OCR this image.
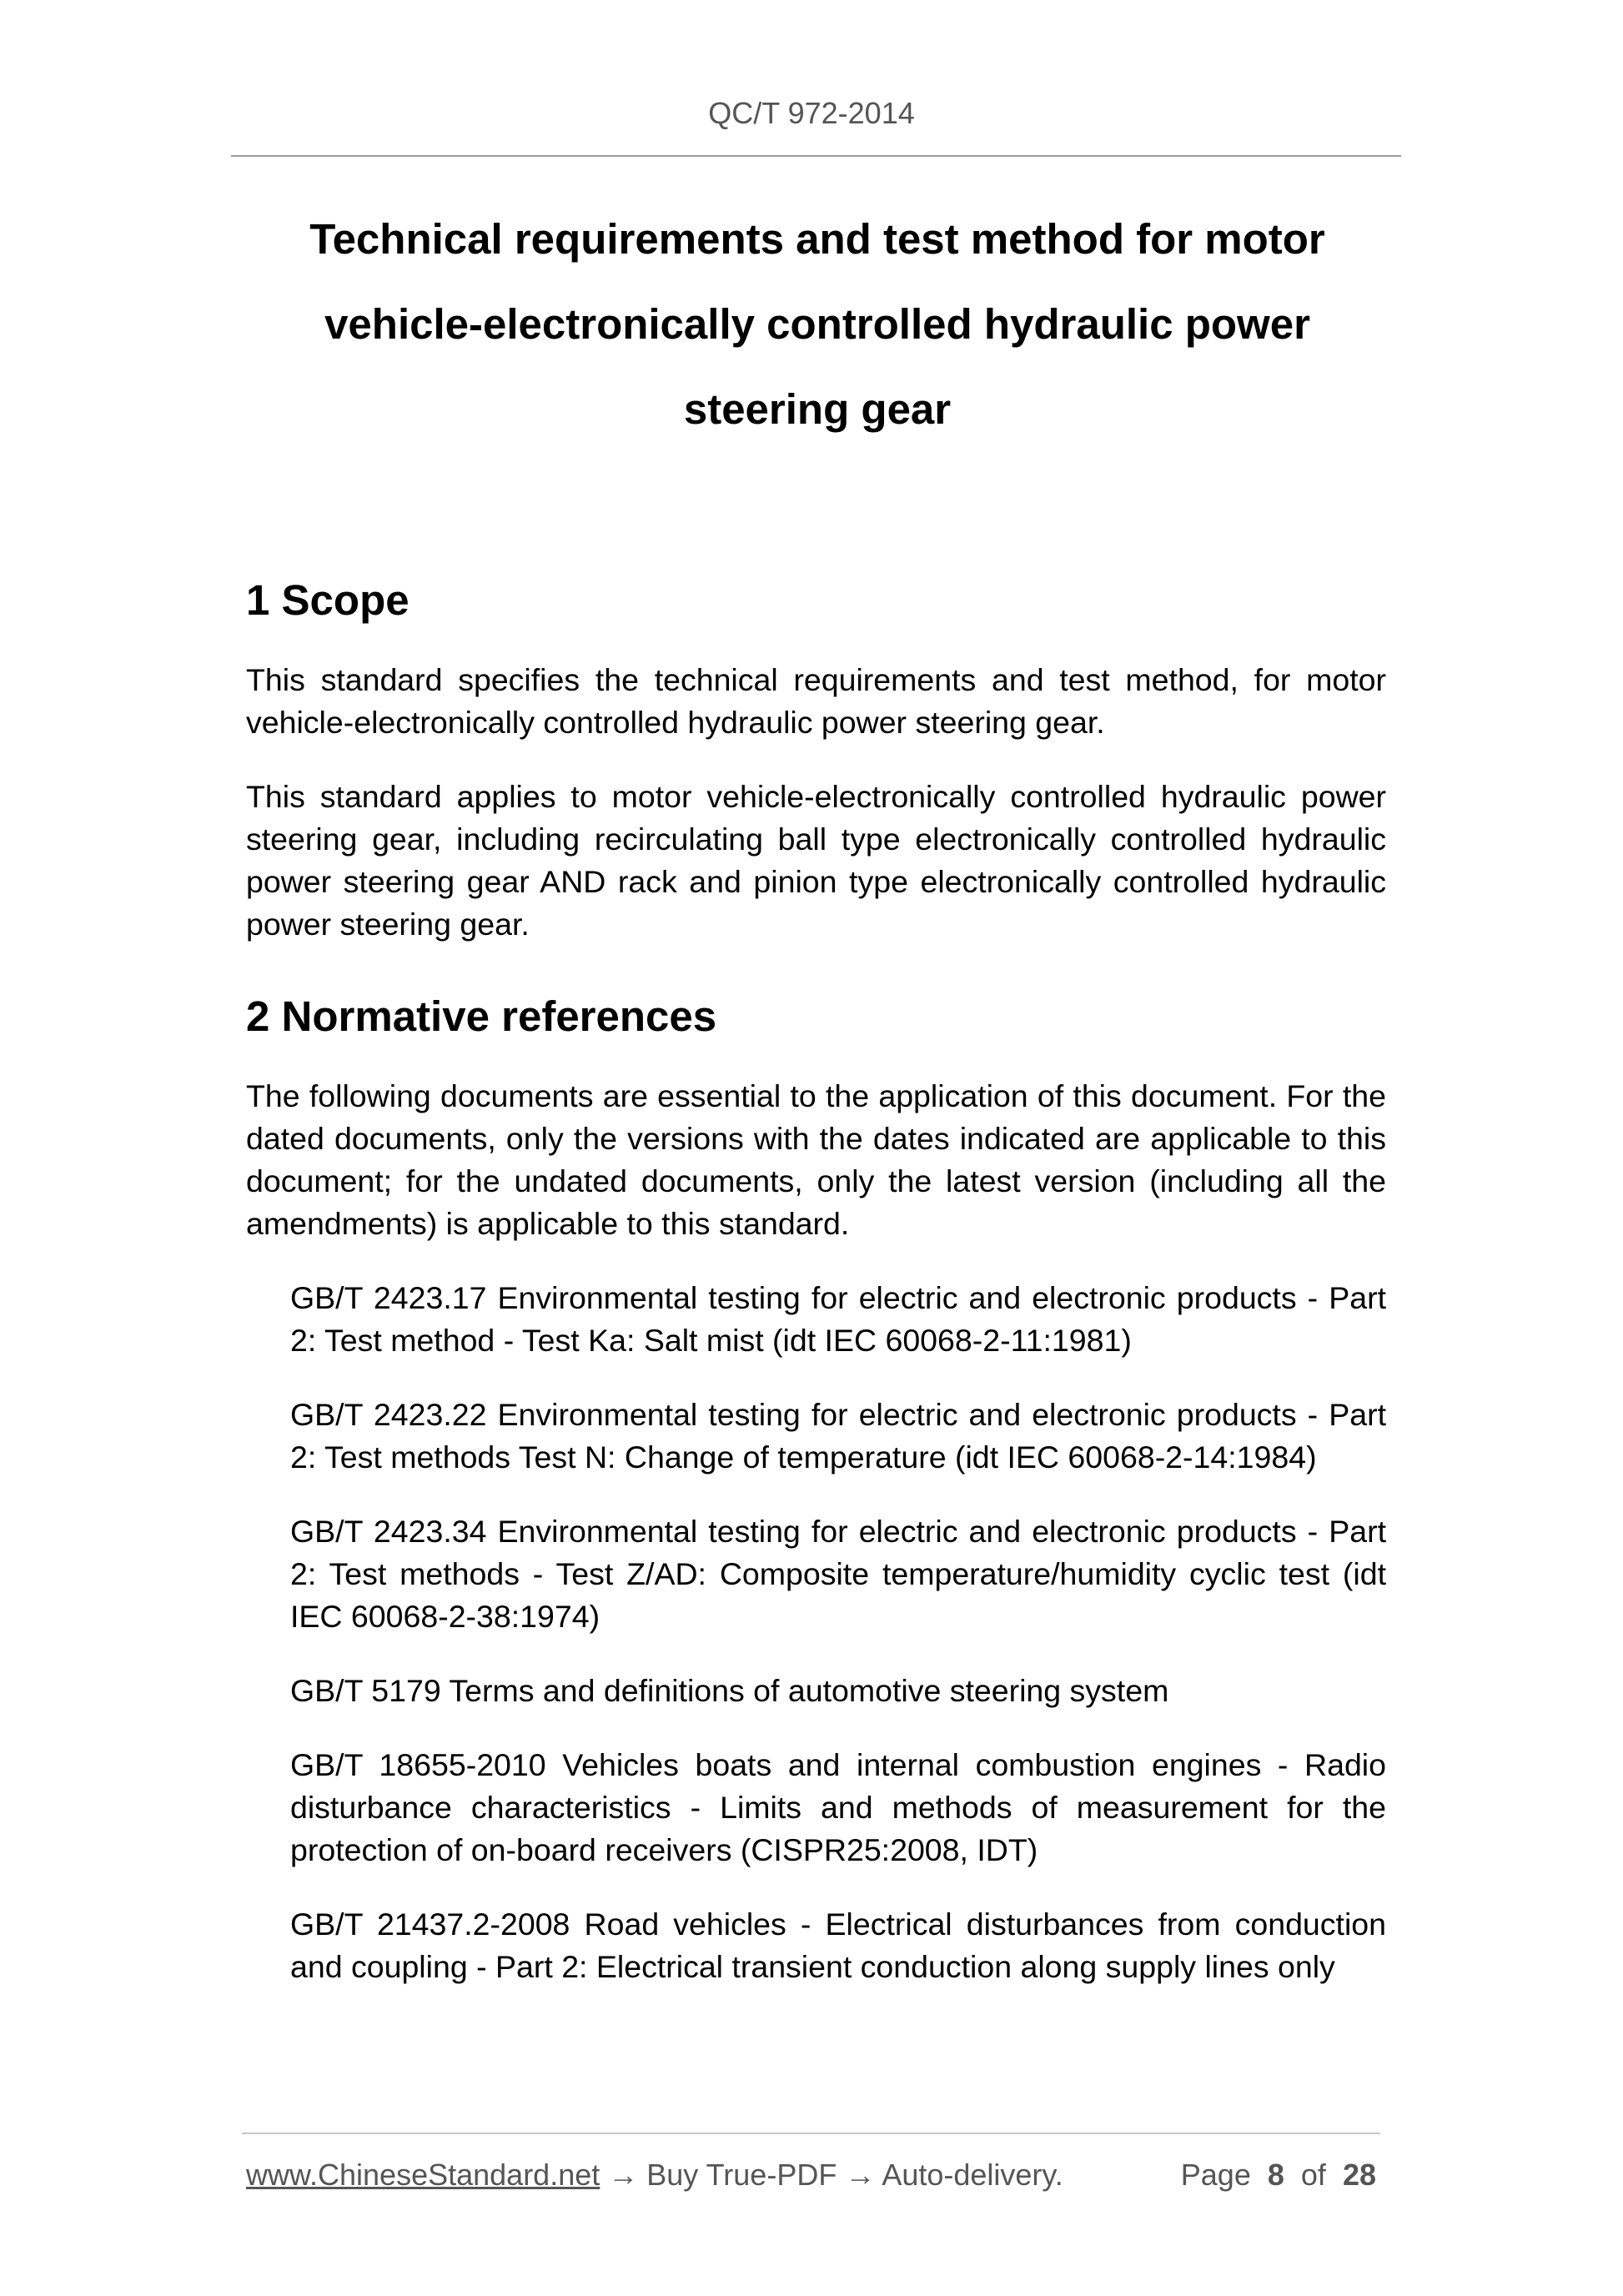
QC/T 972-2014
Technical requirements and test method for motor vehicle-electronically controlled hydraulic power steering gear
1 Scope

This standard specifies the technical requirements and test method, for motor vehicle-electronically controlled hydraulic power steering gear.

This standard applies to motor vehicle-electronically controlled hydraulic power steering gear, including recirculating ball type electronically controlled hydraulic power steering gear AND rack and pinion type electronically controlled hydraulic power steering gear.

2 Normative references

The following documents are essential to the application of this document. For the dated documents, only the versions with the dates indicated are applicable to this document; for the undated documents, only the latest version (including all the amendments) is applicable to this standard.

GB/T 2423.17 Environmental testing for electric and electronic products - Part 2: Test method - Test Ka: Salt mist (idt IEC 60068-2-11:1981)

GB/T 2423.22 Environmental testing for electric and electronic products - Part 2: Test methods Test N: Change of temperature (idt IEC 60068-2-14:1984)

GB/T 2423.34 Environmental testing for electric and electronic products - Part 2: Test methods - Test Z/AD: Composite temperature/humidity cyclic test (idt IEC 60068-2-38:1974)

GB/T 5179 Terms and definitions of automotive steering system

GB/T 18655-2010 Vehicles boats and internal combustion engines - Radio disturbance characteristics - Limits and methods of measurement for the protection of on-board receivers (CISPR25:2008, IDT)

GB/T 21437.2-2008 Road vehicles - Electrical disturbances from conduction and coupling - Part 2: Electrical transient conduction along supply lines only

www.ChineseStandard.net → Buy True-PDF → Auto-delivery.	Page 8 of 28
